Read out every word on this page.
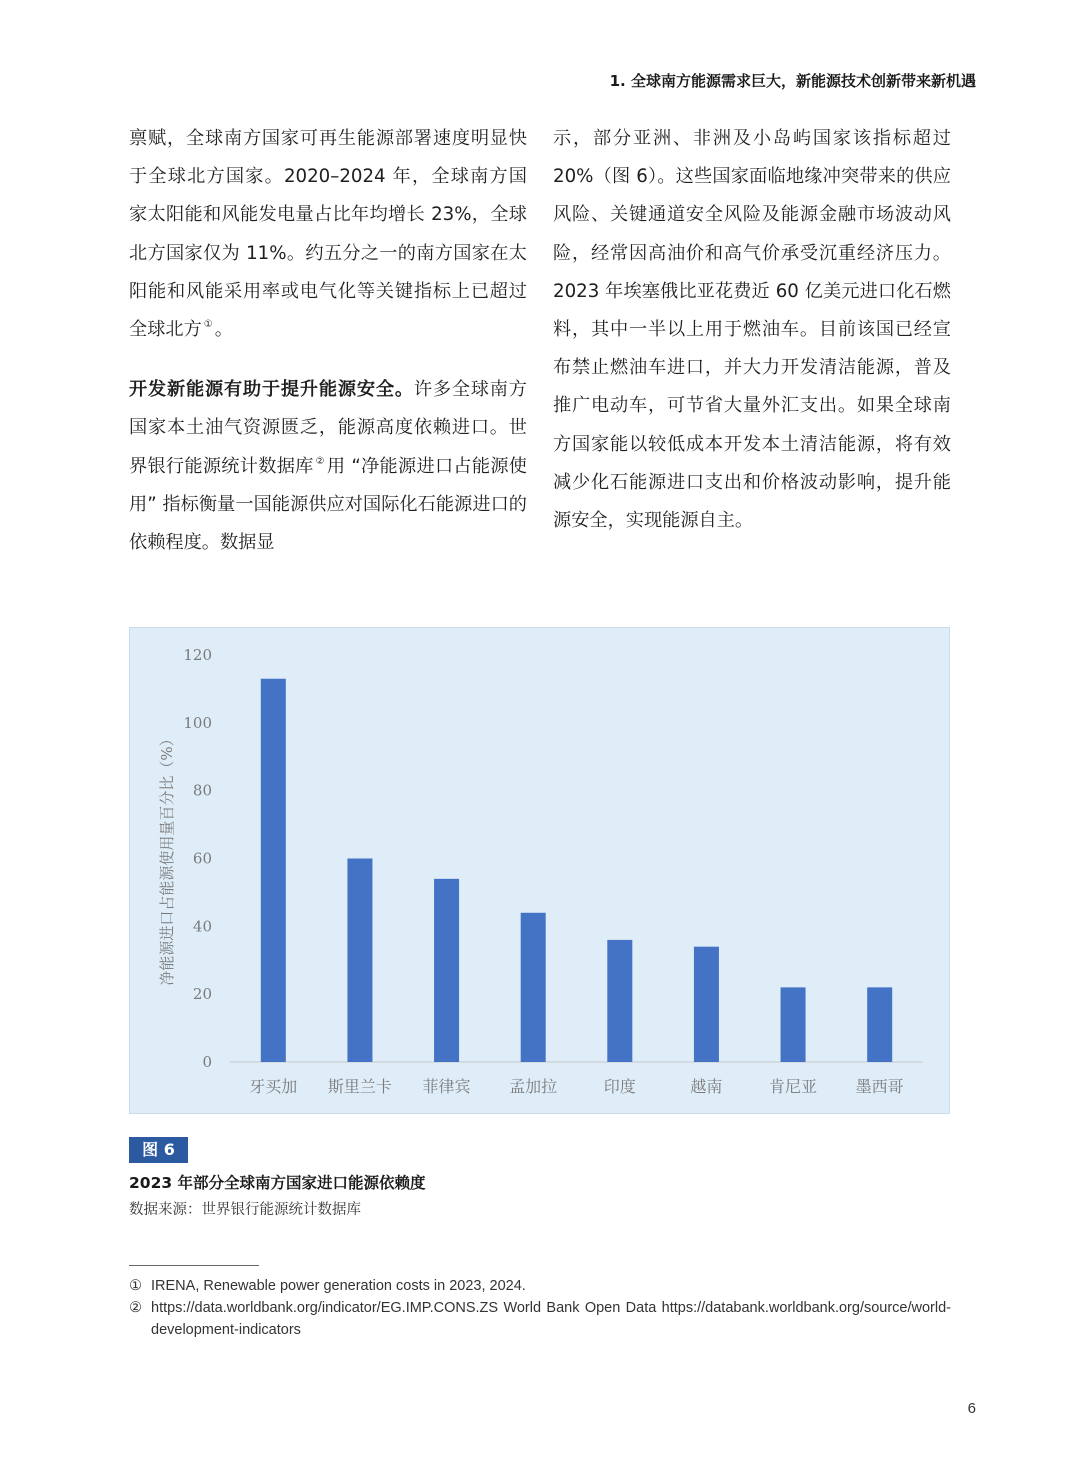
1. 全球南方能源需求巨大，新能源技术创新带来新机遇

禀赋，全球南方国家可再生能源部署速度明显快于全球北方国家。2020–2024 年，全球南方国家太阳能和风能发电量占比年均增长 23%，全球北方国家仅为 11%。约五分之一的南方国家在太阳能和风能采用率或电气化等关键指标上已超过全球北方 ① 。

开发新能源有助于提升能源安全。许多全球南方国家本土油气资源匮乏，能源高度依赖进口。世界银行能源统计数据库 ② 用 “净能源进口占能源使用” 指标衡量一国能源供应对国际化石能源进口的依赖程度。数据显

示，部分亚洲、非洲及小岛屿国家该指标超过 20%（图 6）。这些国家面临地缘冲突带来的供应风险、关键通道安全风险及能源金融市场波动风险，经常因高油价和高气价承受沉重经济压力。2023 年埃塞俄比亚花费近 60 亿美元进口化石燃料，其中一半以上用于燃油车。目前该国已经宣布禁止燃油车进口，并大力开发清洁能源，普及推广电动车，可节省大量外汇支出。如果全球南方国家能以较低成本开发本土清洁能源，将有效减少化石能源进口支出和价格波动影响，提升能源安全，实现能源自主。

0
20
40
60
80
100
120
牙买加 斯里兰卡 菲律宾 孟加拉	印度	越南	肯尼亚 墨西哥
净能源进口占能源使用量百分比（%）
图 6
2023 年部分全球南方国家进口能源依赖度
数据来源：世界银行能源统计数据库
① IRENA, Renewable power generation costs in 2023, 2024.
② https://data.worldbank.org/indicator/EG.IMP.CONS.ZS World Bank Open Data https://databank.worldbank.org/source/world-development-indicators
6
